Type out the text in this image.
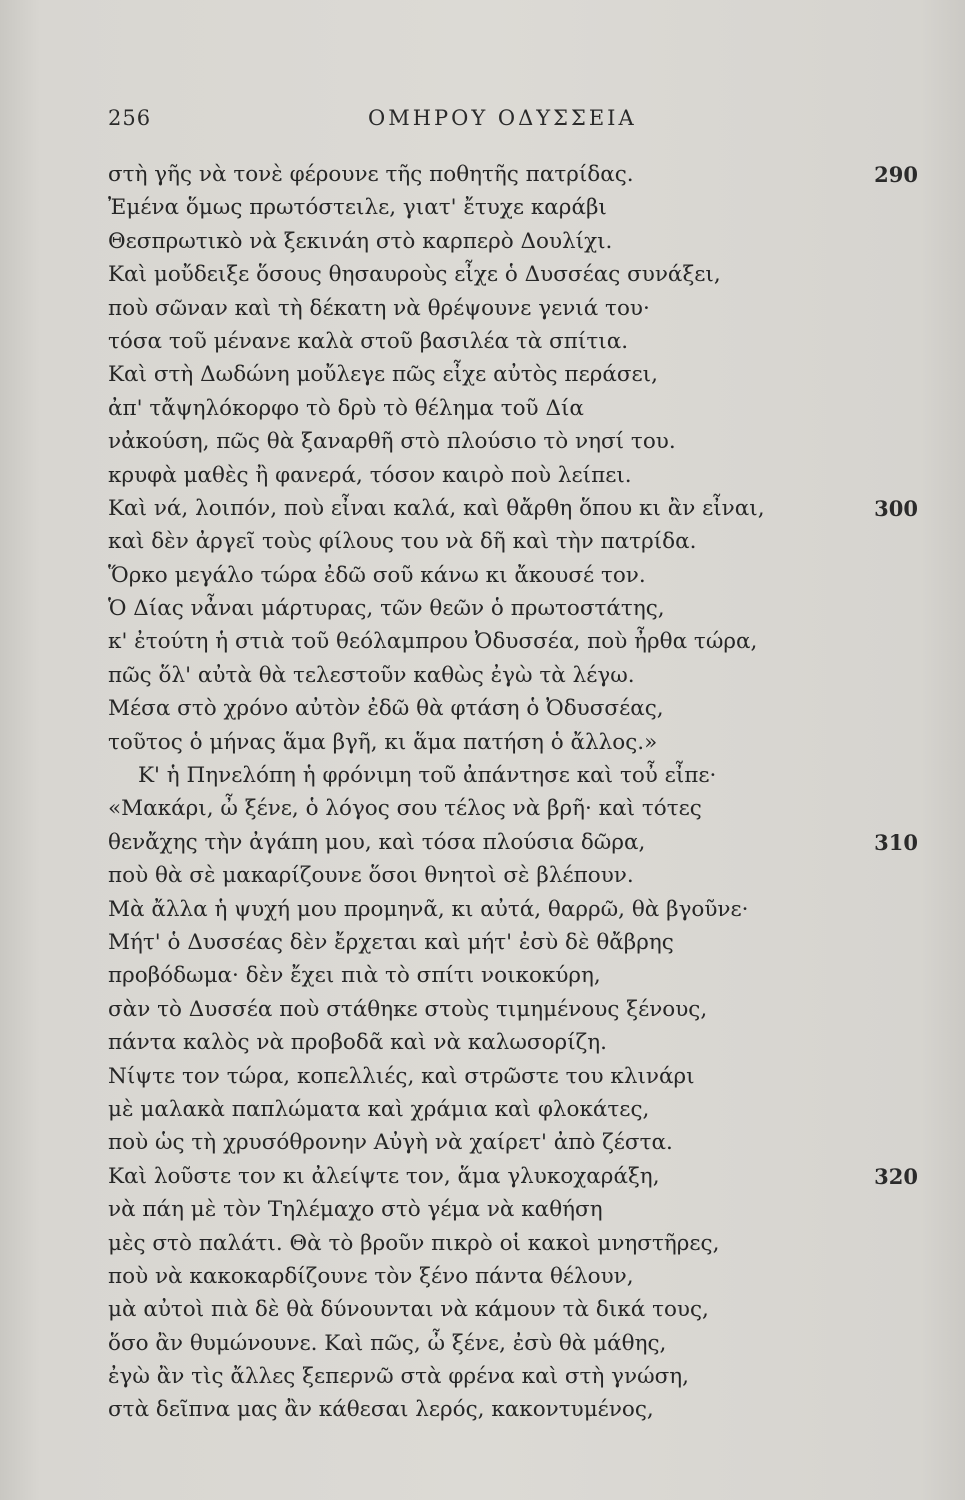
256	ΟΜΗΡΟΥ ΟΔΥΣΣΕΙΑ
στὴ γῆς νὰ τονὲ φέρουνε τῆς ποθητῆς πατρίδας.	290
Ἐμένα ὅμως πρωτόστειλε, γιατ' ἔτυχε καράβι
Θεσπρωτικὸ νὰ ξεκινάη στὸ καρπερὸ Δουλίχι.
Καὶ μοὔδειξε ὅσους θησαυροὺς εἶχε ὁ Δυσσέας συνάξει,
ποὺ σῶναν καὶ τὴ δέκατη νὰ θρέψουνε γενιά του·
τόσα τοῦ μένανε καλὰ στοῦ βασιλέα τὰ σπίτια.
Καὶ στὴ Δωδώνη μοὔλεγε πῶς εἶχε αὐτὸς περάσει,
ἀπ' τἄψηλόκορφο τὸ δρὺ τὸ θέλημα τοῦ Δία
νἀκούση, πῶς θὰ ξαναρθῆ στὸ πλούσιο τὸ νησί του.
κρυφὰ μαθὲς ἢ φανερά, τόσον καιρὸ ποὺ λείπει.
Καὶ νά, λοιπόν, ποὺ εἶναι καλά, καὶ θἄρθη ὅπου κι ἂν εἶναι,	300
καὶ δὲν ἀργεῖ τοὺς φίλους του νὰ δῆ καὶ τὴν πατρίδα.
Ὅρκο μεγάλο τώρα ἐδῶ σοῦ κάνω κι ἄκουσέ τον.
Ὁ Δίας νἆναι μάρτυρας, τῶν θεῶν ὁ πρωτοστάτης,
κ' ἐτούτη ἡ στιὰ τοῦ θεόλαμπρου Ὀδυσσέα, ποὺ ἦρθα τώρα,
πῶς ὅλ' αὐτὰ θὰ τελεστοῦν καθὼς ἐγὼ τὰ λέγω.
Μέσα στὸ χρόνο αὐτὸν ἐδῶ θὰ φτάση ὁ Ὀδυσσέας,
τοῦτος ὁ μήνας ἅμα βγῆ, κι ἅμα πατήση ὁ ἄλλος.»
Κ' ἡ Πηνελόπη ἡ φρόνιμη τοῦ ἀπάντησε καὶ τοὖ εἶπε·
«Μακάρι, ὦ ξένε, ὁ λόγος σου τέλος νὰ βρῆ· καὶ τότες
θενἄχης τὴν ἀγάπη μου, καὶ τόσα πλούσια δῶρα,	310
ποὺ θὰ σὲ μακαρίζουνε ὅσοι θνητοὶ σὲ βλέπουν.
Μὰ ἄλλα ἡ ψυχή μου προμηνᾶ, κι αὐτά, θαρρῶ, θὰ βγοῦνε·
Μήτ' ὁ Δυσσέας δὲν ἔρχεται καὶ μήτ' ἐσὺ δὲ θἄβρης
προβόδωμα· δὲν ἔχει πιὰ τὸ σπίτι νοικοκύρη,
σὰν τὸ Δυσσέα ποὺ στάθηκε στοὺς τιμημένους ξένους,
πάντα καλὸς νὰ προβοδᾶ καὶ νὰ καλωσορίζη.
Νίψτε τον τώρα, κοπελλιές, καὶ στρῶστε του κλινάρι
μὲ μαλακὰ παπλώματα καὶ χράμια καὶ φλοκάτες,
ποὺ ὡς τὴ χρυσόθρονην Αὐγὴ νὰ χαίρετ' ἀπὸ ζέστα.
Καὶ λοῦστε τον κι ἀλείψτε τον, ἅμα γλυκοχαράξη,	320
νὰ πάη μὲ τὸν Τηλέμαχο στὸ γέμα νὰ καθήση
μὲς στὸ παλάτι. Θὰ τὸ βροῦν πικρὸ οἱ κακοὶ μνηστῆρες,
ποὺ νὰ κακοκαρδίζουνε τὸν ξένο πάντα θέλουν,
μὰ αὐτοὶ πιὰ δὲ θὰ δύνουνται νὰ κάμουν τὰ δικά τους,
ὅσο ἂν θυμώνουνε. Καὶ πῶς, ὦ ξένε, ἐσὺ θὰ μάθης,
ἐγὼ ἂν τὶς ἄλλες ξεπερνῶ στὰ φρένα καὶ στὴ γνώση,
στὰ δεῖπνα μας ἂν κάθεσαι λερός, κακοντυμένος,
